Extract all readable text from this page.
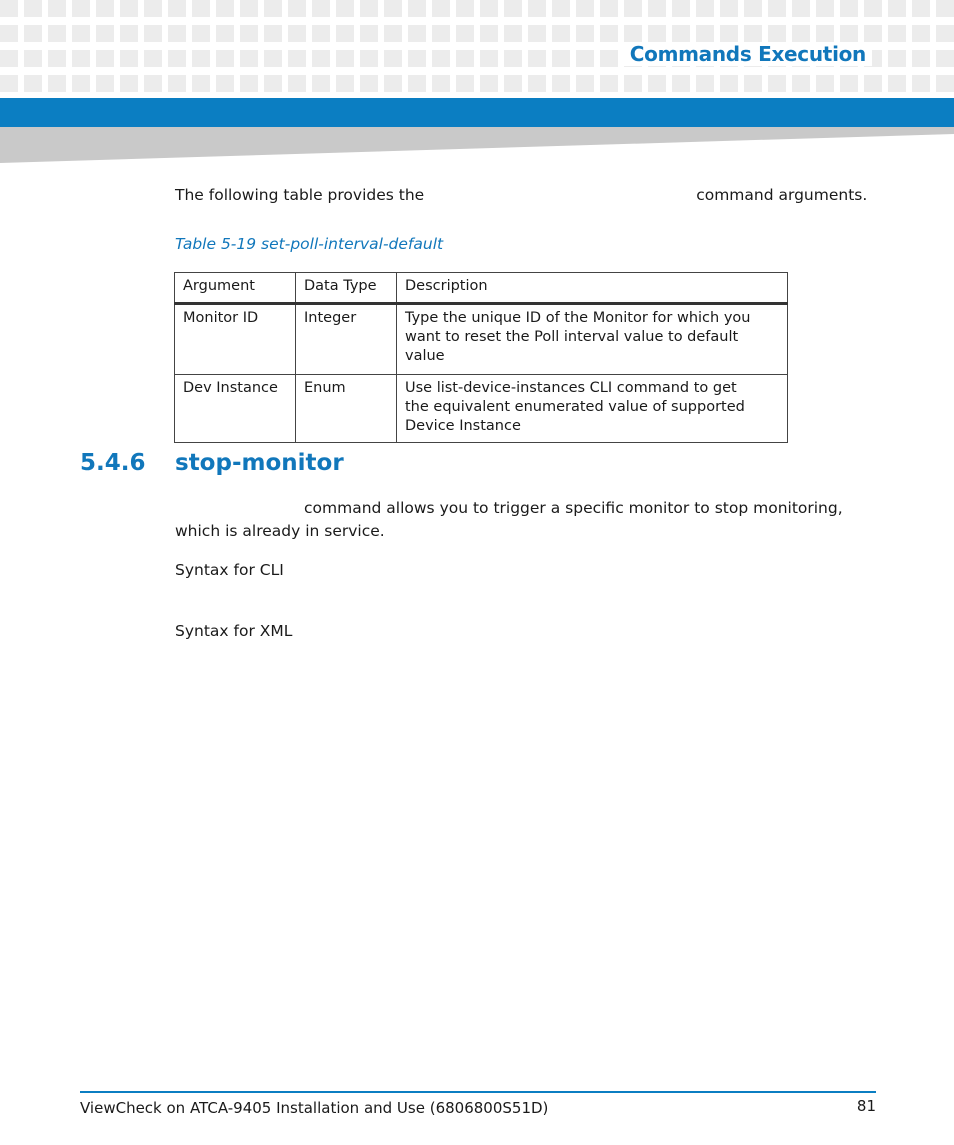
Commands Execution
The following table provides the	command arguments.
Table 5-19 set-poll-interval-default
Argument	Data Type	Description
Monitor ID	Integer	Type the unique ID of the Monitor for which you want to reset the Poll interval value to default value
Dev Instance	Enum	Use list-device-instances CLI command to get the equivalent enumerated value of supported Device Instance
5.4.6 stop-monitor
command allows you to trigger a specific monitor to stop monitoring, which is already in service.
Syntax for CLI
Syntax for XML
ViewCheck on ATCA-9405 Installation and Use (6806800S51D)	81
